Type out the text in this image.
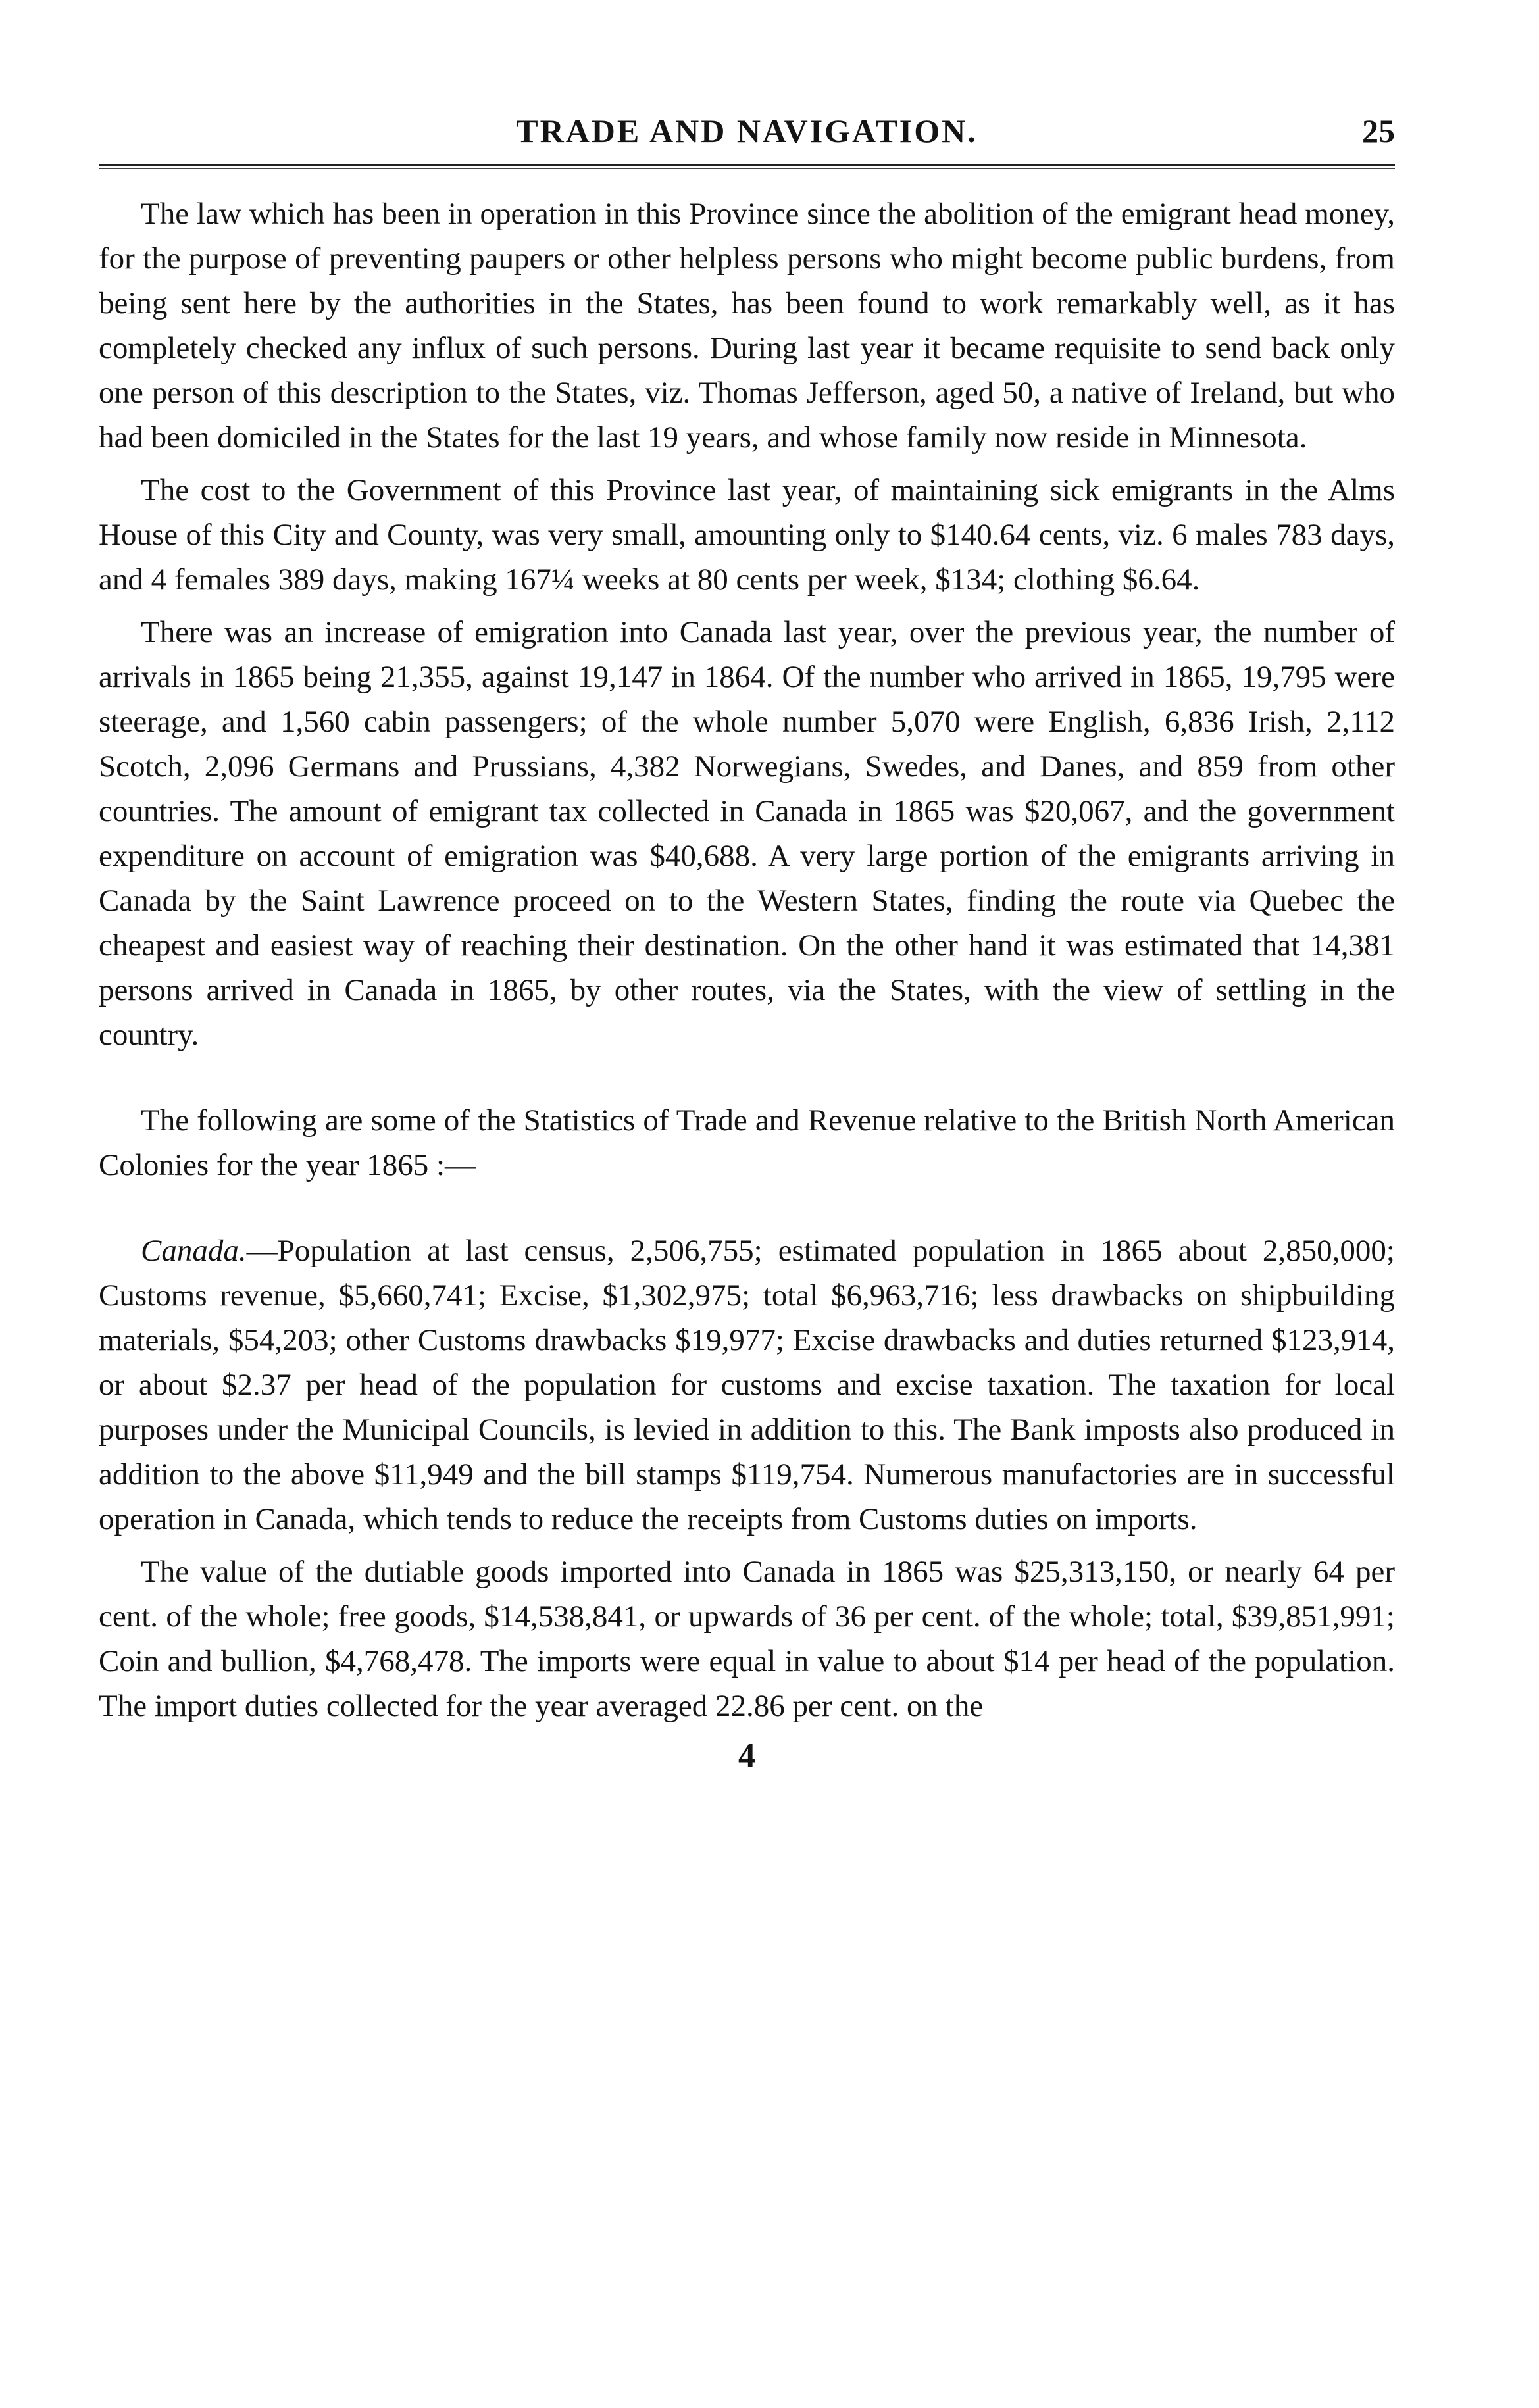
TRADE AND NAVIGATION.	25

The law which has been in operation in this Province since the abolition of the emigrant head money, for the purpose of preventing paupers or other helpless persons who might become public burdens, from being sent here by the authorities in the States, has been found to work remarkably well, as it has completely checked any influx of such persons. During last year it became requisite to send back only one person of this description to the States, viz. Thomas Jefferson, aged 50, a native of Ireland, but who had been domiciled in the States for the last 19 years, and whose family now reside in Minnesota.

The cost to the Government of this Province last year, of maintaining sick emigrants in the Alms House of this City and County, was very small, amounting only to $140.64 cents, viz. 6 males 783 days, and 4 females 389 days, making 167¼ weeks at 80 cents per week, $134; clothing $6.64.

There was an increase of emigration into Canada last year, over the previous year, the number of arrivals in 1865 being 21,355, against 19,147 in 1864. Of the number who arrived in 1865, 19,795 were steerage, and 1,560 cabin passengers; of the whole number 5,070 were English, 6,836 Irish, 2,112 Scotch, 2,096 Germans and Prussians, 4,382 Norwegians, Swedes, and Danes, and 859 from other countries. The amount of emigrant tax collected in Canada in 1865 was $20,067, and the government expenditure on account of emigration was $40,688. A very large portion of the emigrants arriving in Canada by the Saint Lawrence proceed on to the Western States, finding the route via Quebec the cheapest and easiest way of reaching their destination. On the other hand it was estimated that 14,381 persons arrived in Canada in 1865, by other routes, via the States, with the view of settling in the country.

The following are some of the Statistics of Trade and Revenue relative to the British North American Colonies for the year 1865 :—

Canada.—Population at last census, 2,506,755; estimated population in 1865 about 2,850,000; Customs revenue, $5,660,741; Excise, $1,302,975; total $6,963,716; less drawbacks on shipbuilding materials, $54,203; other Customs drawbacks $19,977; Excise drawbacks and duties returned $123,914, or about $2.37 per head of the population for customs and excise taxation. The taxation for local purposes under the Municipal Councils, is levied in addition to this. The Bank imposts also produced in addition to the above $11,949 and the bill stamps $119,754. Numerous manufactories are in successful operation in Canada, which tends to reduce the receipts from Customs duties on imports.

The value of the dutiable goods imported into Canada in 1865 was $25,313,150, or nearly 64 per cent. of the whole; free goods, $14,538,841, or upwards of 36 per cent. of the whole; total, $39,851,991; Coin and bullion, $4,768,478. The imports were equal in value to about $14 per head of the population. The import duties collected for the year averaged 22.86 per cent. on the

4
